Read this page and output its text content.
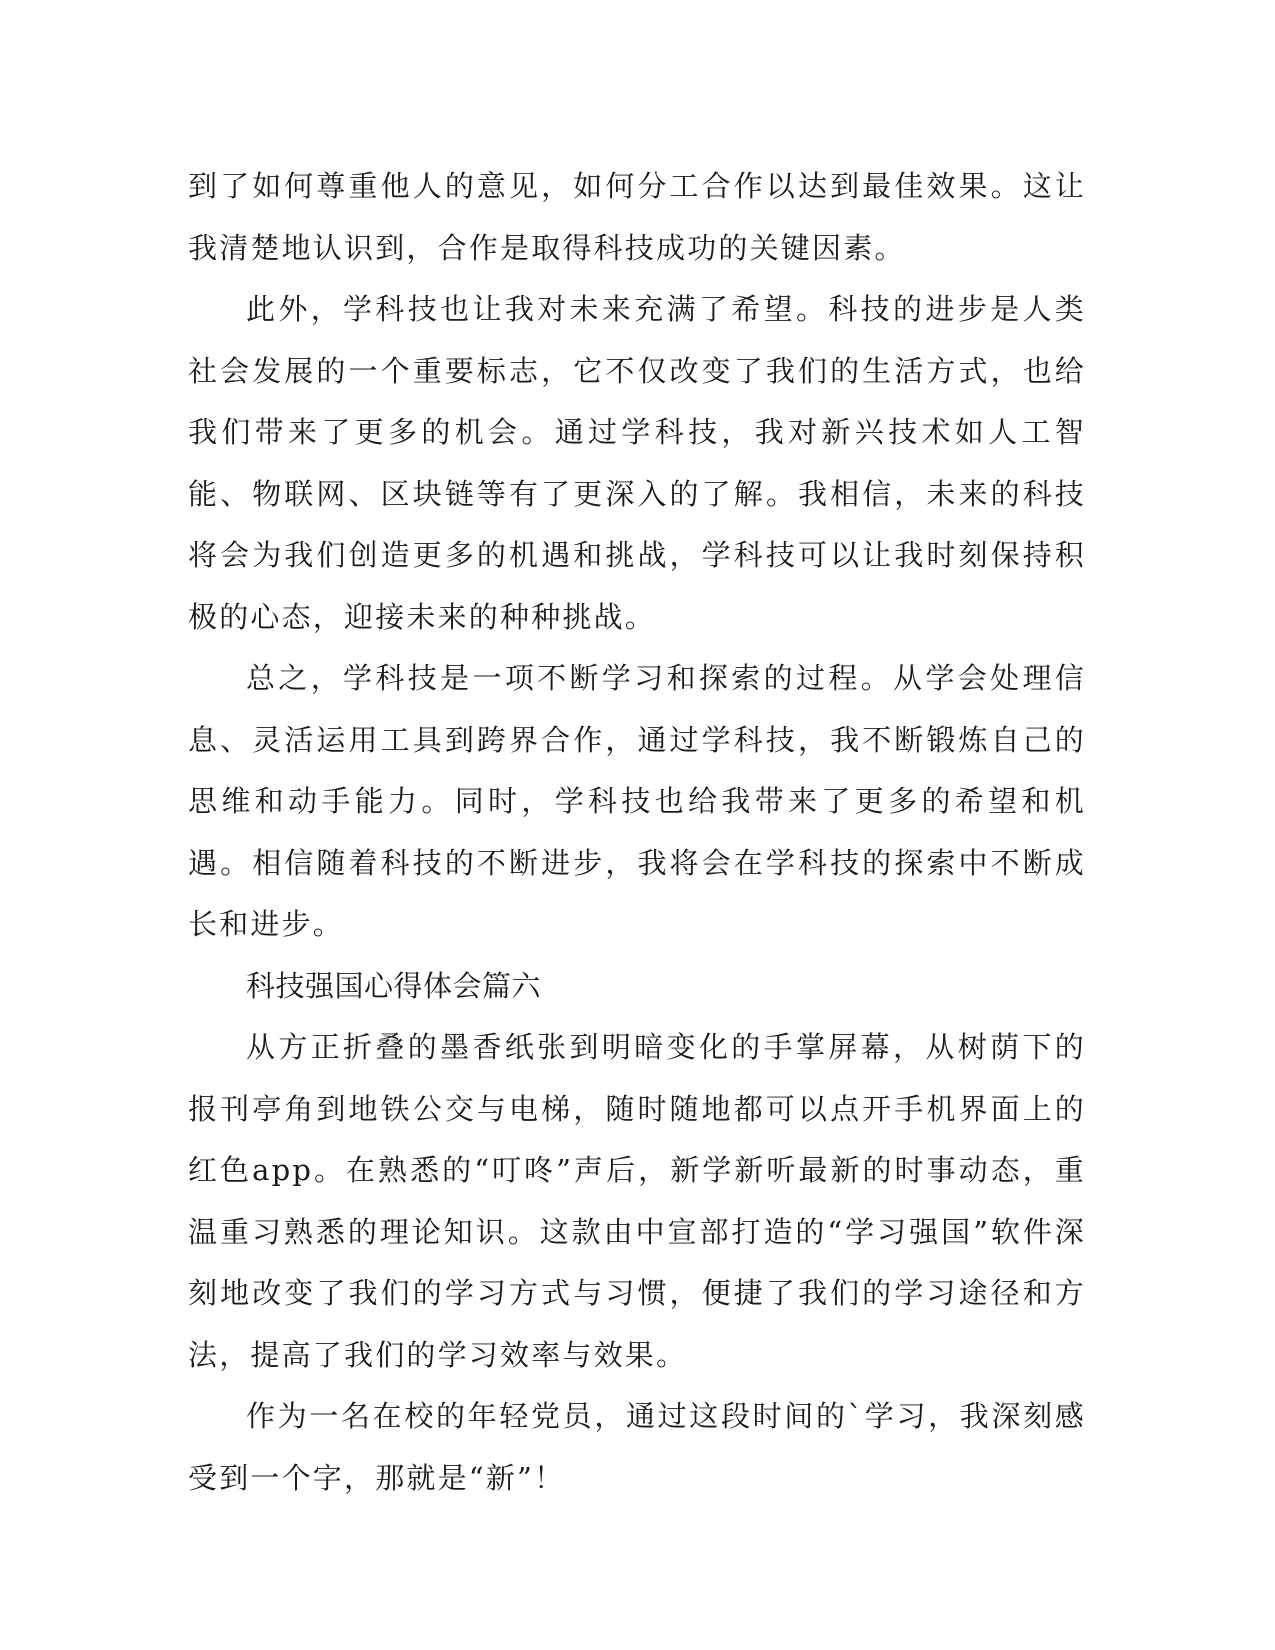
到了如何尊重他人的意见，如何分工合作以达到最佳效果。这让我清楚地认识到，合作是取得科技成功的关键因素。

此外，学科技也让我对未来充满了希望。科技的进步是人类社会发展的一个重要标志，它不仅改变了我们的生活方式，也给我们带来了更多的机会。通过学科技，我对新兴技术如人工智能、物联网、区块链等有了更深入的了解。我相信，未来的科技将会为我们创造更多的机遇和挑战，学科技可以让我时刻保持积极的心态，迎接未来的种种挑战。

总之，学科技是一项不断学习和探索的过程。从学会处理信息、灵活运用工具到跨界合作，通过学科技，我不断锻炼自己的思维和动手能力。同时，学科技也给我带来了更多的希望和机遇。相信随着科技的不断进步，我将会在学科技的探索中不断成长和进步。

科技强国心得体会篇六

从方正折叠的墨香纸张到明暗变化的手掌屏幕，从树荫下的报刊亭角到地铁公交与电梯，随时随地都可以点开手机界面上的红色app。在熟悉的“叮咚”声后，新学新听最新的时事动态，重温重习熟悉的理论知识。这款由中宣部打造的“学习强国”软件深刻地改变了我们的学习方式与习惯，便捷了我们的学习途径和方法，提高了我们的学习效率与效果。

作为一名在校的年轻党员，通过这段时间的`学习，我深刻感受到一个字，那就是“新”！
